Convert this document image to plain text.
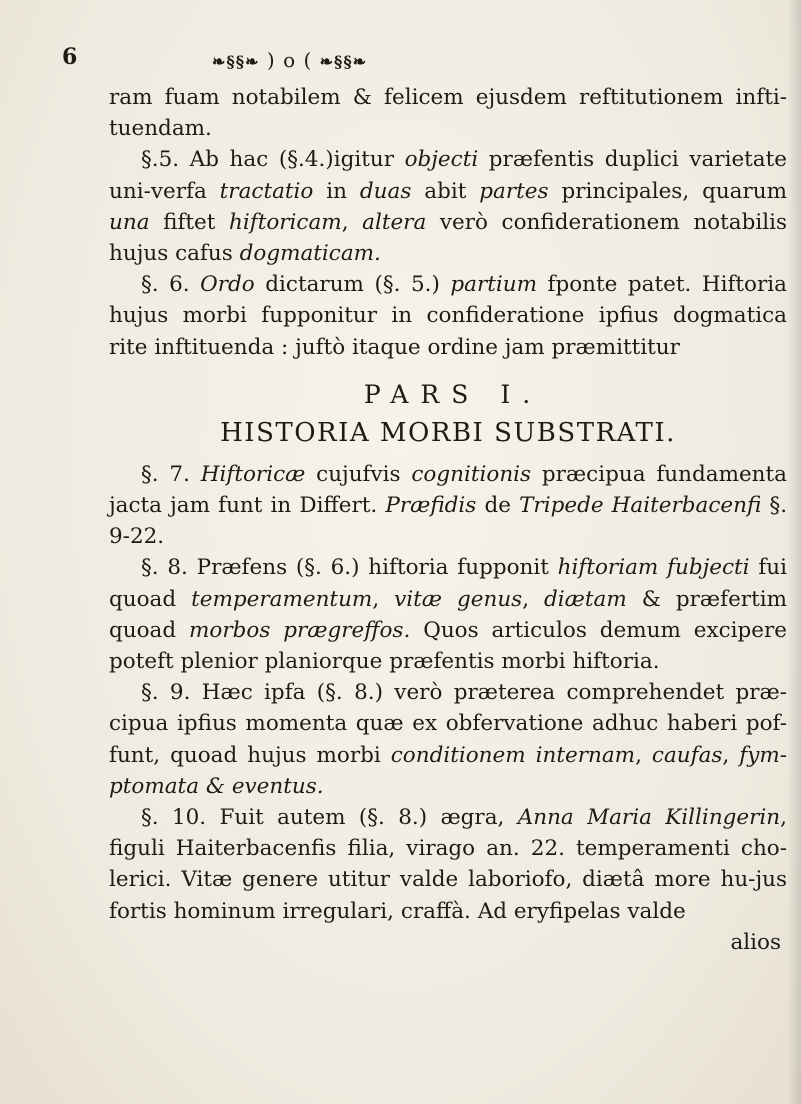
6	❧§§❧ ) o ( ❧§§❧

ram fuam notabilem & felicem ejusdem reftitutionem infti-tuendam.

§.5. Ab hac (§.4.)igitur objecti præfentis duplici varietate uni-verfa tractatio in duas abit partes principales, quarum una fiftet hiftoricam, altera verò confiderationem notabilis hujus cafus dogmaticam.

§. 6. Ordo dictarum (§. 5.) partium fponte patet. Hiftoria hujus morbi fupponitur in confideratione ipfius dogmatica rite inftituenda : juftò itaque ordine jam præmittitur

PARS I.
HISTORIA MORBI SUBSTRATI.

§. 7. Hiftoricæ cujufvis cognitionis præcipua fundamenta jacta jam funt in Differt. Præfidis de Tripede Haiterbacenfi §. 9-22.

§. 8. Præfens (§. 6.) hiftoria fupponit hiftoriam fubjecti fui quoad temperamentum, vitæ genus, diætam & præfertim quoad morbos prægreffos. Quos articulos demum excipere poteft plenior planiorque præfentis morbi hiftoria.

§. 9. Hæc ipfa (§. 8.) verò præterea comprehendet præ-cipua ipfius momenta quæ ex obfervatione adhuc haberi pof-funt, quoad hujus morbi conditionem internam, caufas, fym-ptomata & eventus.

§. 10. Fuit autem (§. 8.) ægra, Anna Maria Killingerin, figuli Haiterbacenfis filia, virago an. 22. temperamenti cho-lerici. Vitæ genere utitur valde laboriofo, diætâ more hu-jus fortis hominum irregulari, craffà. Ad eryfipelas valde

alios
